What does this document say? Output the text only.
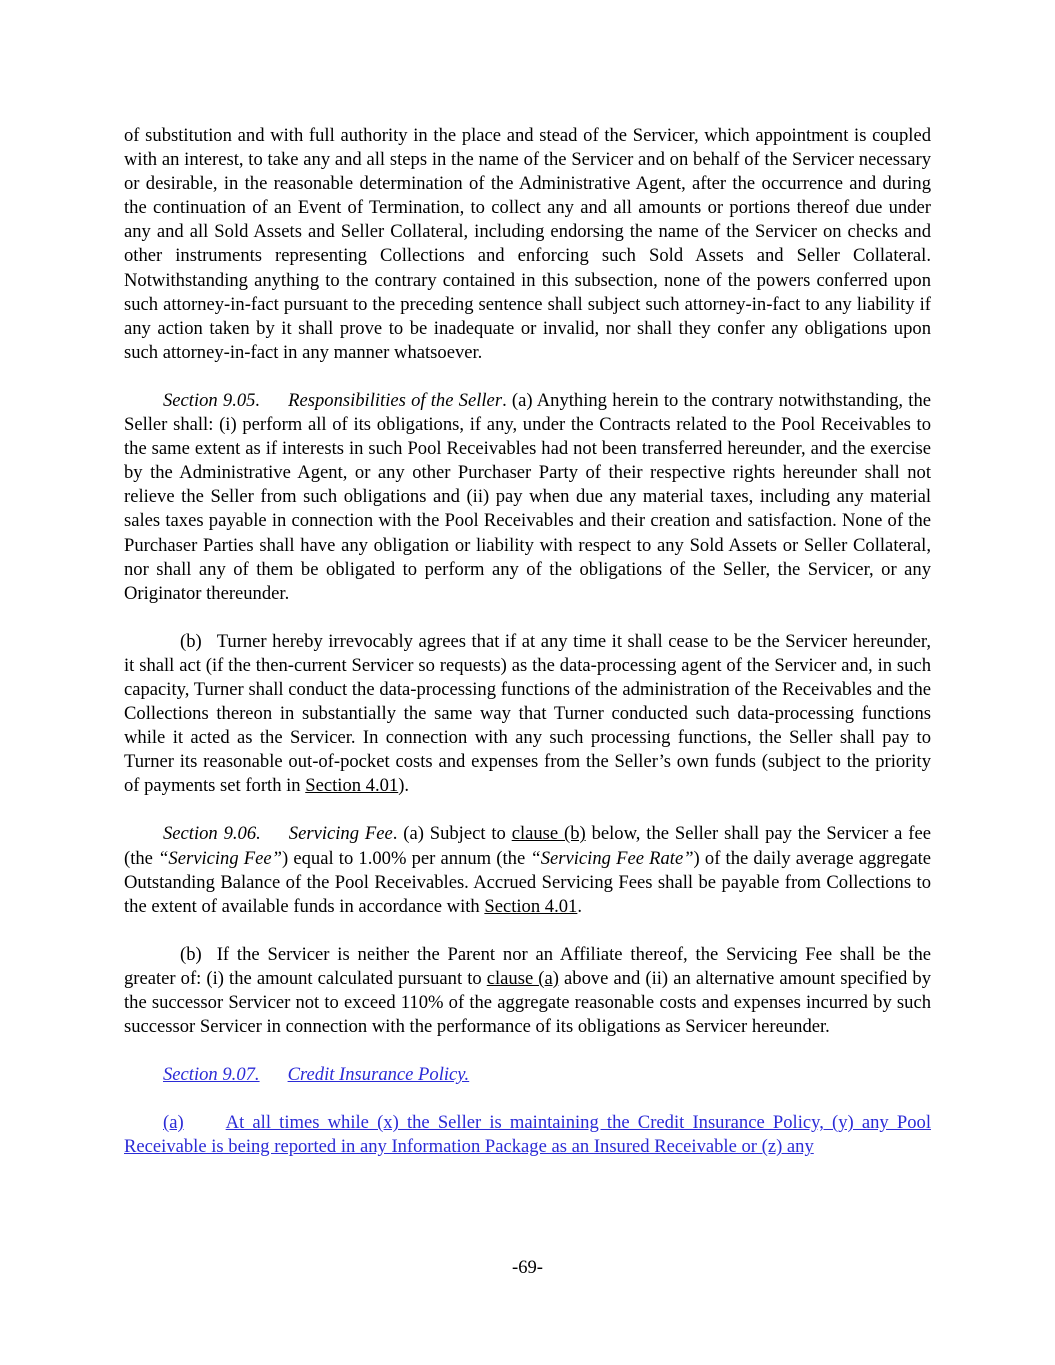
of substitution and with full authority in the place and stead of the Servicer, which appointment is coupled with an interest, to take any and all steps in the name of the Servicer and on behalf of the Servicer necessary or desirable, in the reasonable determination of the Administrative Agent, after the occurrence and during the continuation of an Event of Termination, to collect any and all amounts or portions thereof due under any and all Sold Assets and Seller Collateral, including endorsing the name of the Servicer on checks and other instruments representing Collections and enforcing such Sold Assets and Seller Collateral. Notwithstanding anything to the contrary contained in this subsection, none of the powers conferred upon such attorney-in-fact pursuant to the preceding sentence shall subject such attorney-in-fact to any liability if any action taken by it shall prove to be inadequate or invalid, nor shall they confer any obligations upon such attorney-in-fact in any manner whatsoever.

Section 9.05. Responsibilities of the Seller. (a) Anything herein to the contrary notwithstanding, the Seller shall: (i) perform all of its obligations, if any, under the Contracts related to the Pool Receivables to the same extent as if interests in such Pool Receivables had not been transferred hereunder, and the exercise by the Administrative Agent, or any other Purchaser Party of their respective rights hereunder shall not relieve the Seller from such obligations and (ii) pay when due any material taxes, including any material sales taxes payable in connection with the Pool Receivables and their creation and satisfaction. None of the Purchaser Parties shall have any obligation or liability with respect to any Sold Assets or Seller Collateral, nor shall any of them be obligated to perform any of the obligations of the Seller, the Servicer, or any Originator thereunder.

(b) Turner hereby irrevocably agrees that if at any time it shall cease to be the Servicer hereunder, it shall act (if the then-current Servicer so requests) as the data-processing agent of the Servicer and, in such capacity, Turner shall conduct the data-processing functions of the administration of the Receivables and the Collections thereon in substantially the same way that Turner conducted such data-processing functions while it acted as the Servicer. In connection with any such processing functions, the Seller shall pay to Turner its reasonable out-of-pocket costs and expenses from the Seller’s own funds (subject to the priority of payments set forth in Section 4.01).

Section 9.06. Servicing Fee. (a) Subject to clause (b) below, the Seller shall pay the Servicer a fee (the “Servicing Fee”) equal to 1.00% per annum (the “Servicing Fee Rate”) of the daily average aggregate Outstanding Balance of the Pool Receivables. Accrued Servicing Fees shall be payable from Collections to the extent of available funds in accordance with Section 4.01.

(b) If the Servicer is neither the Parent nor an Affiliate thereof, the Servicing Fee shall be the greater of: (i) the amount calculated pursuant to clause (a) above and (ii) an alternative amount specified by the successor Servicer not to exceed 110% of the aggregate reasonable costs and expenses incurred by such successor Servicer in connection with the performance of its obligations as Servicer hereunder.

Section 9.07. Credit Insurance Policy.

(a) At all times while (x) the Seller is maintaining the Credit Insurance Policy, (y) any Pool Receivable is being reported in any Information Package as an Insured Receivable or (z) any

-69-
